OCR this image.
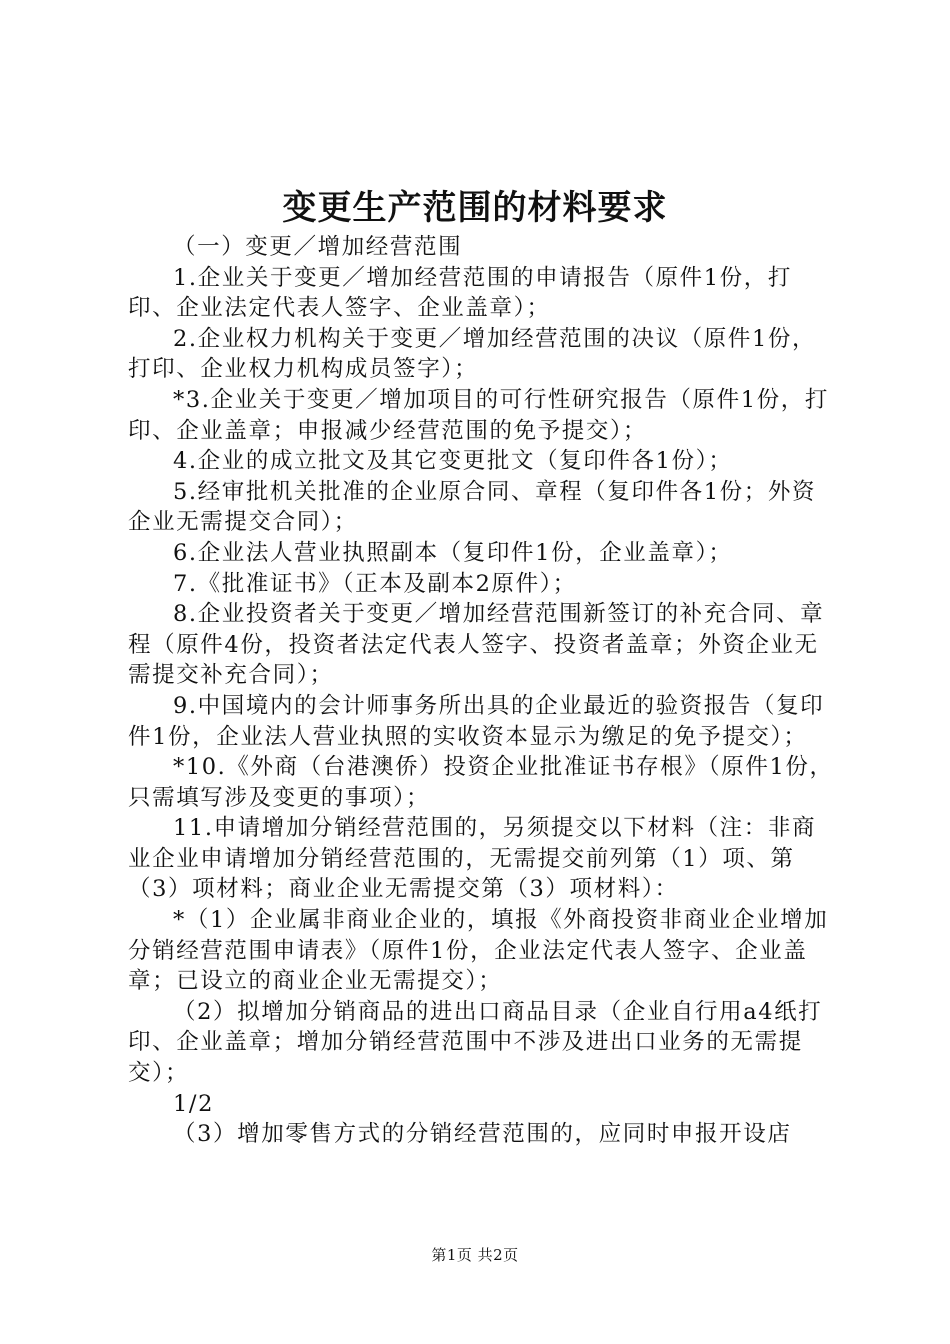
变更生产范围的材料要求

（一）变更／增加经营范围

1.企业关于变更／增加经营范围的申请报告（原件1份，打印、企业法定代表人签字、企业盖章）；

2.企业权力机构关于变更／增加经营范围的决议（原件1份，打印、企业权力机构成员签字）；

*3.企业关于变更／增加项目的可行性研究报告（原件1份，打印、企业盖章；申报减少经营范围的免予提交）；

4.企业的成立批文及其它变更批文（复印件各1份）；

5.经审批机关批准的企业原合同、章程（复印件各1份；外资企业无需提交合同）；

6.企业法人营业执照副本（复印件1份，企业盖章）；

7.《批准证书》（正本及副本2原件）；

8.企业投资者关于变更／增加经营范围新签订的补充合同、章程（原件4份，投资者法定代表人签字、投资者盖章；外资企业无需提交补充合同）；

9.中国境内的会计师事务所出具的企业最近的验资报告（复印件1份，企业法人营业执照的实收资本显示为缴足的免予提交）；

*10.《外商（台港澳侨）投资企业批准证书存根》（原件1份，只需填写涉及变更的事项）；

11.申请增加分销经营范围的，另须提交以下材料（注：非商业企业申请增加分销经营范围的，无需提交前列第（1）项、第（3）项材料；商业企业无需提交第（3）项材料）：

*（1）企业属非商业企业的，填报《外商投资非商业企业增加分销经营范围申请表》（原件1份，企业法定代表人签字、企业盖章；已设立的商业企业无需提交）；

（2）拟增加分销商品的进出口商品目录（企业自行用a4纸打印、企业盖章；增加分销经营范围中不涉及进出口业务的无需提交）；

1/2

（3）增加零售方式的分销经营范围的，应同时申报开设店

第1页 共2页
